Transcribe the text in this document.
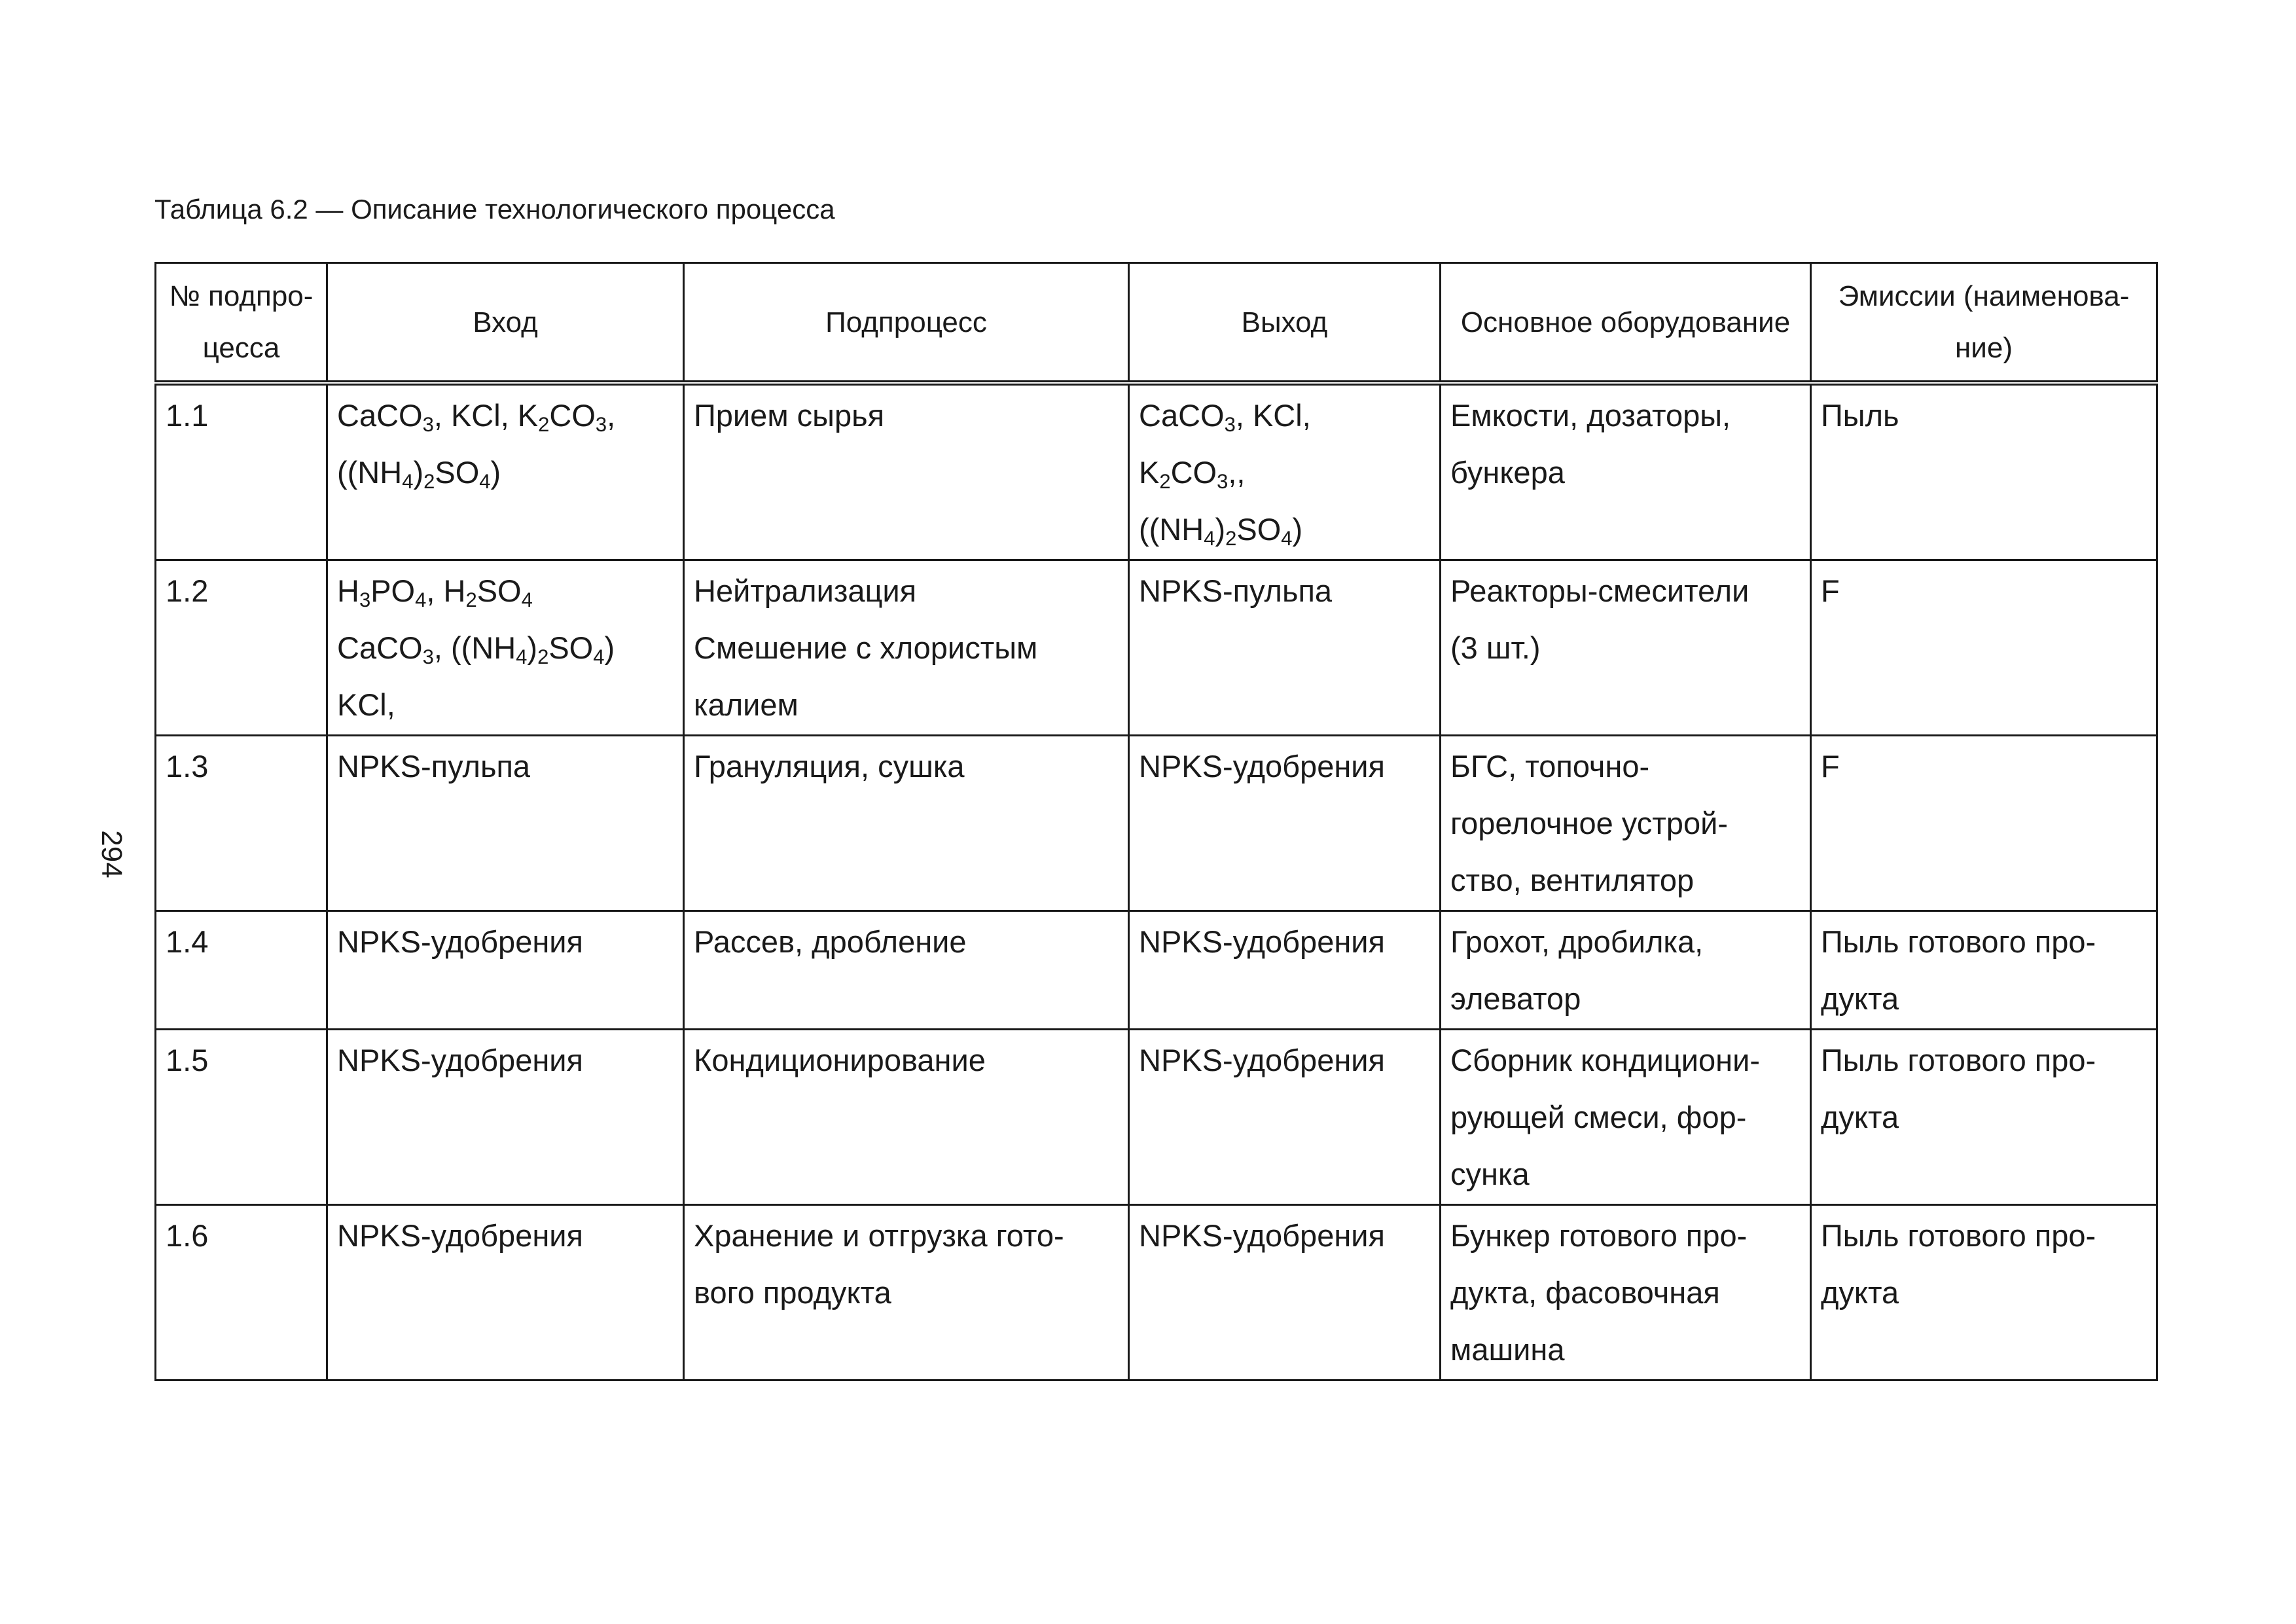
Таблица 6.2 — Описание технологического процесса
294
№ подпро-
цесса	Вход	Подпроцесс	Выход	Основное оборудование	Эмиссии (наименова-
ние)

1.1	CaCO$_3$, KCl, $K_2CO_3$,
$((NH_4)_2SO_4)$	Прием сырья	CaCO$_3$, KCl,
$K_2CO_3$,,
$((NH_4)_2SO_4)$	Емкости, дозаторы,
бункера	Пыль

1.2	$H_3PO_4$, $H_2SO_4$
CaCO$_3$, $((NH_4)_2SO_4)$
KCl,	Нейтрализация
Смешение с хлористым
калием	NPKS-пульпа	Реакторы-смесители
(3 шт.)	F

1.3	NPKS-пульпа	Грануляция, сушка	NPKS-удобрения	БГС, топочно-
горелочное устрой-
ство, вентилятор	F

1.4	NPKS-удобрения	Рассев, дробление	NPKS-удобрения	Грохот, дробилка,
элеватор	Пыль готового про-
дукта

1.5	NPKS-удобрения	Кондиционирование	NPKS-удобрения	Сборник кондициони-
рующей смеси, фор-
сунка	Пыль готового про-
дукта

1.6	NPKS-удобрения	Хранение и отгрузка гото-
вого продукта	NPKS-удобрения	Бункер готового про-
дукта, фасовочная
машина	Пыль готового про-
дукта
